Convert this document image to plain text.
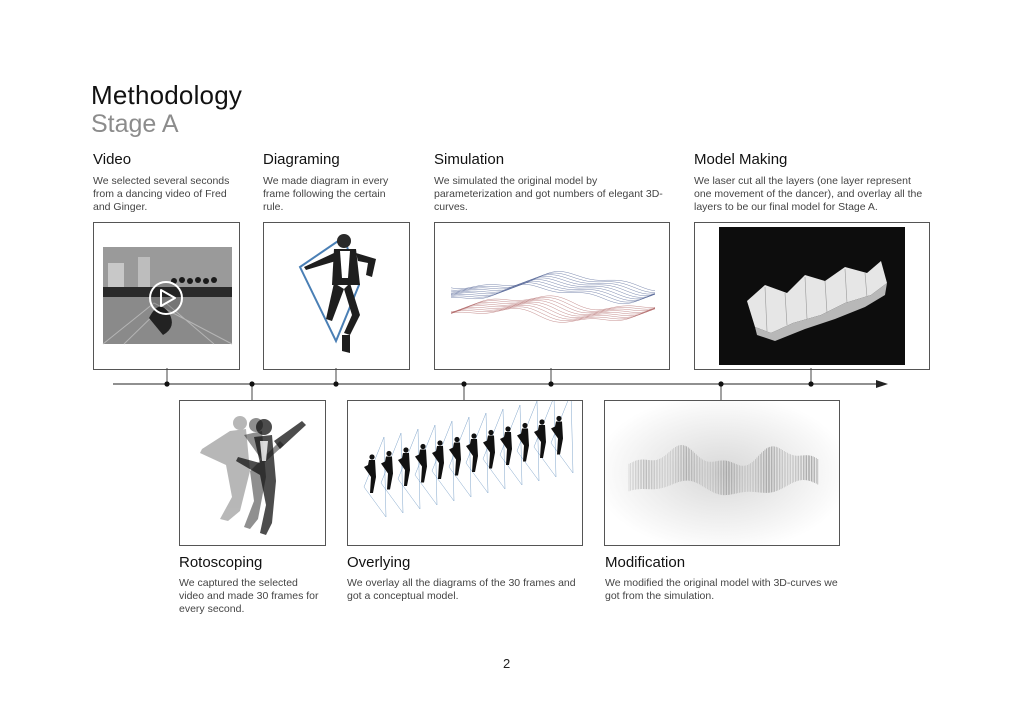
Methodology
Stage A
Video
We selected several seconds from a dancing video of Fred and Ginger.
Diagraming
We made diagram in every frame following the certain rule.
Simulation
We simulated the original model by parameterization and got numbers of elegant 3D-curves.
Model Making
We laser cut all the layers (one layer represent one movement of the dancer), and overlay all the layers to be our final model for Stage A.
Rotoscoping
We captured the selected video and made 30 frames for every second.
Overlying
We overlay all the diagrams of the 30 frames and got a conceptual model.
Modification
We modified the original model with 3D-curves we got from the simulation.
2
